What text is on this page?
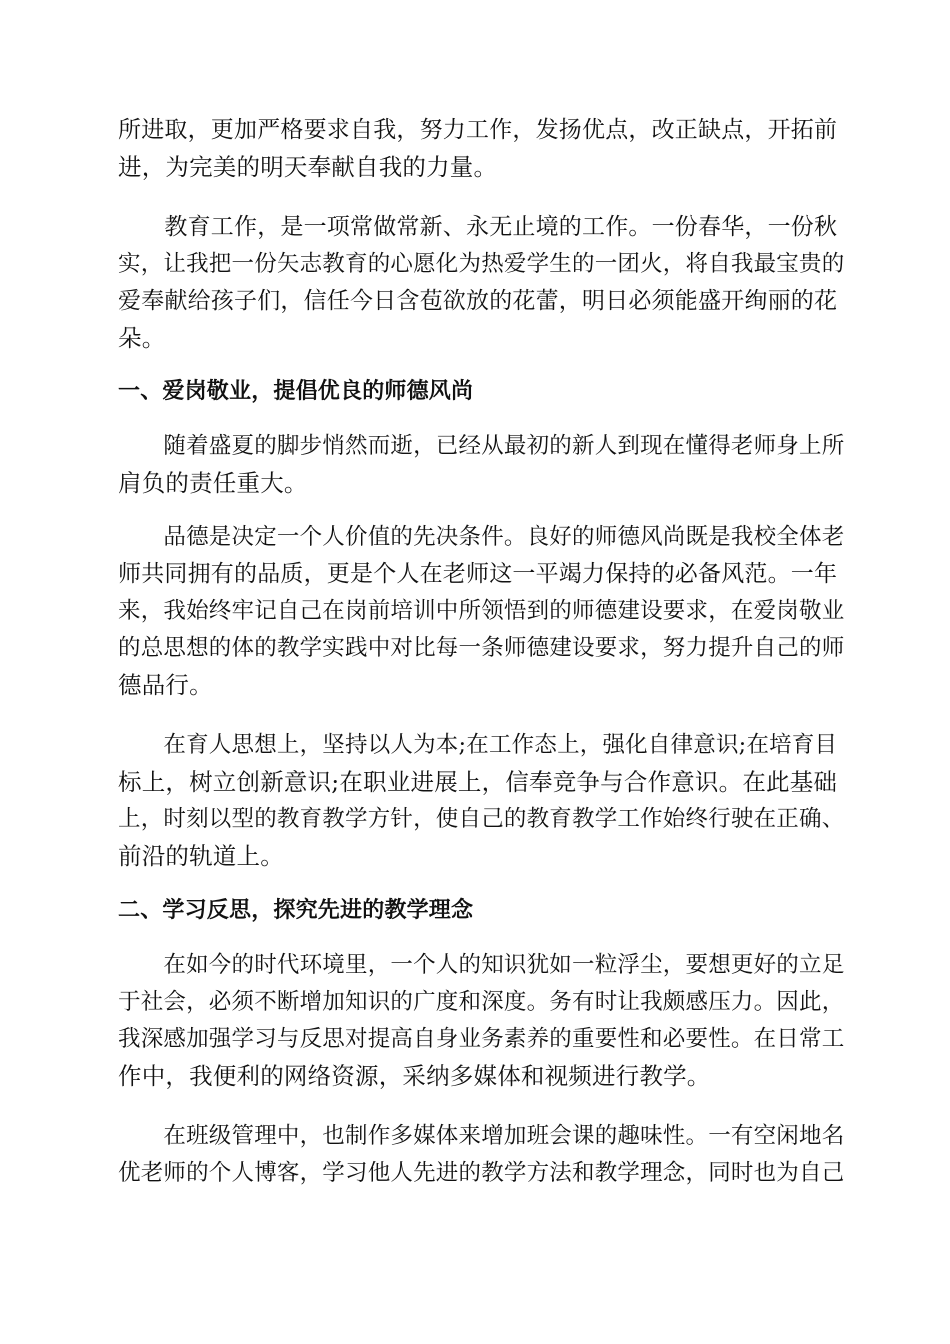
所进取，更加严格要求自我，努力工作，发扬优点，改正缺点，开拓前
进，为完美的明天奉献自我的力量。
　　教育工作，是一项常做常新、永无止境的工作。一份春华，一份秋
实，让我把一份矢志教育的心愿化为热爱学生的一团火，将自我最宝贵的
爱奉献给孩子们，信任今日含苞欲放的花蕾，明日必须能盛开绚丽的花
朵。
一、爱岗敬业，提倡优良的师德风尚
　　随着盛夏的脚步悄然而逝，已经从最初的新人到现在懂得老师身上所
肩负的责任重大。
　　品德是决定一个人价值的先决条件。良好的师德风尚既是我校全体老
师共同拥有的品质，更是个人在老师这一平竭力保持的必备风范。一年
来，我始终牢记自己在岗前培训中所领悟到的师德建设要求，在爱岗敬业
的总思想的体的教学实践中对比每一条师德建设要求，努力提升自己的师
德品行。
　　在育人思想上，坚持以人为本;在工作态上，强化自律意识;在培育目
标上，树立创新意识;在职业进展上，信奉竞争与合作意识。在此基础
上，时刻以型的教育教学方针，使自己的教育教学工作始终行驶在正确、
前沿的轨道上。
二、学习反思，探究先进的教学理念
　　在如今的时代环境里，一个人的知识犹如一粒浮尘，要想更好的立足
于社会，必须不断增加知识的广度和深度。务有时让我颇感压力。因此，
我深感加强学习与反思对提高自身业务素养的重要性和必要性。在日常工
作中，我便利的网络资源，采纳多媒体和视频进行教学。
　　在班级管理中，也制作多媒体来增加班会课的趣味性。一有空闲地名
优老师的个人博客，学习他人先进的教学方法和教学理念，同时也为自己
